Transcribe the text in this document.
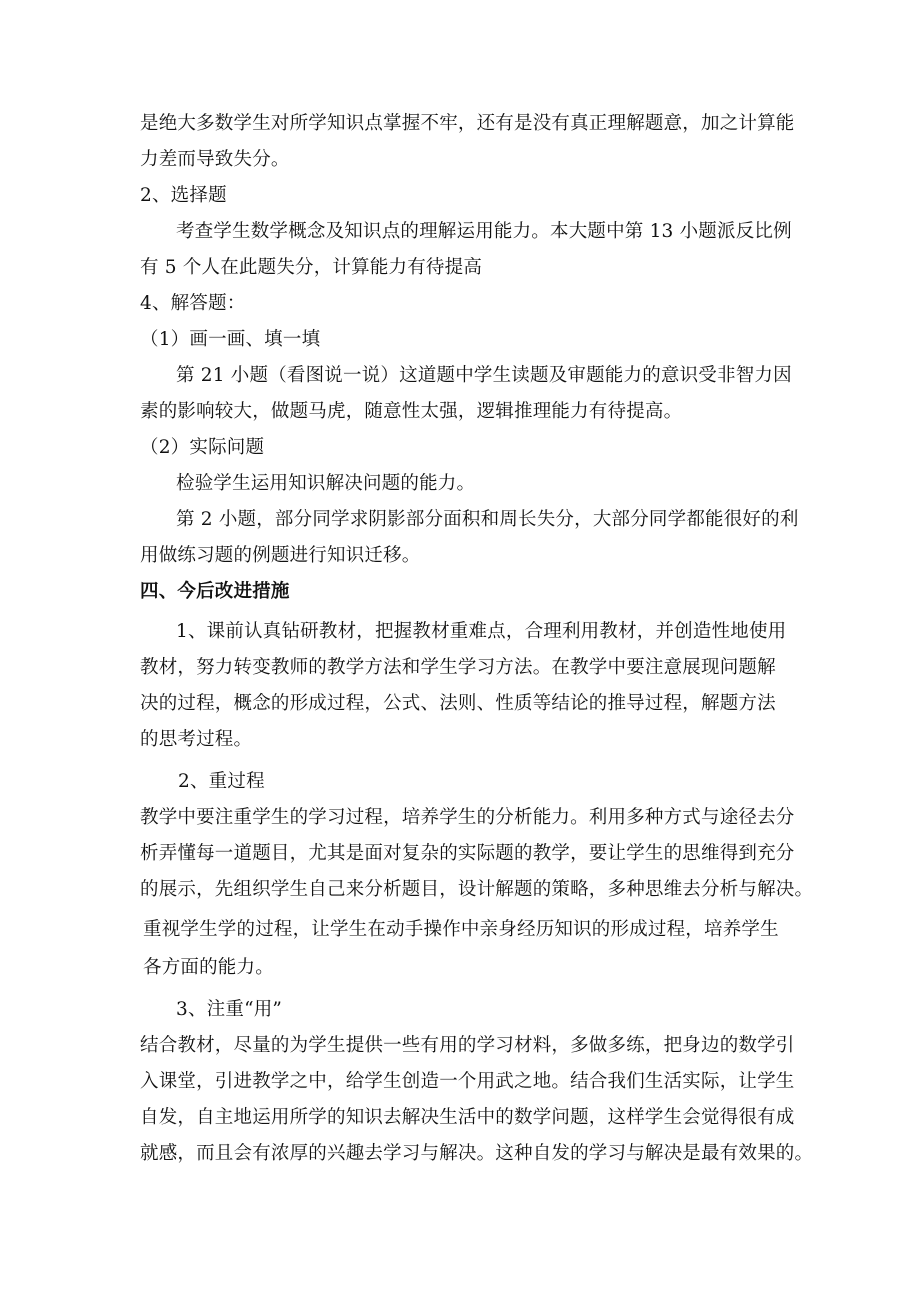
是绝大多数学生对所学知识点掌握不牢，还有是没有真正理解题意，加之计算能
力差而导致失分。
2、选择题
考查学生数学概念及知识点的理解运用能力。本大题中第 13 小题派反比例
有 5 个人在此题失分，计算能力有待提高
4、解答题：
（1）画一画、填一填
第 21 小题（看图说一说）这道题中学生读题及审题能力的意识受非智力因
素的影响较大，做题马虎，随意性太强，逻辑推理能力有待提高。
（2）实际问题
检验学生运用知识解决问题的能力。
第 2 小题，部分同学求阴影部分面积和周长失分，大部分同学都能很好的利
用做练习题的例题进行知识迁移。
四、今后改进措施
1、课前认真钻研教材，把握教材重难点，合理利用教材，并创造性地使用
教材，努力转变教师的教学方法和学生学习方法。在教学中要注意展现问题解
决的过程，概念的形成过程，公式、法则、性质等结论的推导过程，解题方法
的思考过程。
2、重过程
教学中要注重学生的学习过程，培养学生的分析能力。利用多种方式与途径去分
析弄懂每一道题目，尤其是面对复杂的实际题的教学，要让学生的思维得到充分
的展示，先组织学生自己来分析题目，设计解题的策略，多种思维去分析与解决。
重视学生学的过程，让学生在动手操作中亲身经历知识的形成过程，培养学生
各方面的能力。
3、注重“用”
结合教材，尽量的为学生提供一些有用的学习材料，多做多练，把身边的数学引
入课堂，引进教学之中，给学生创造一个用武之地。结合我们生活实际，让学生
自发，自主地运用所学的知识去解决生活中的数学问题，这样学生会觉得很有成
就感，而且会有浓厚的兴趣去学习与解决。这种自发的学习与解决是最有效果的。
